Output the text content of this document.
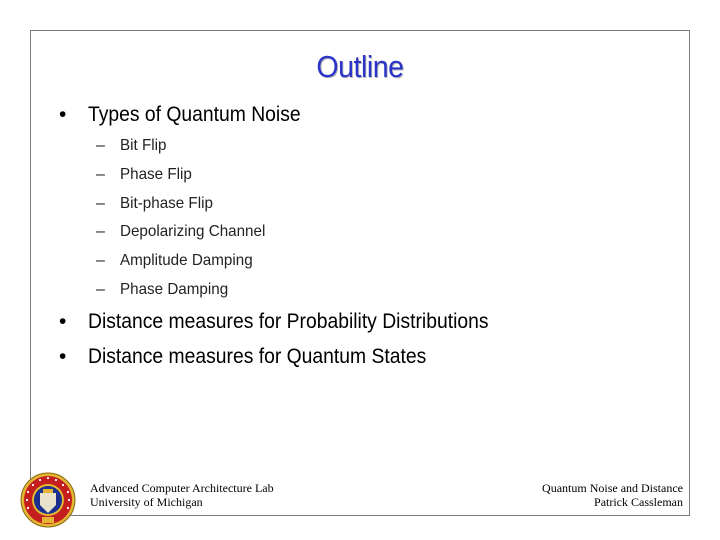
Outline
• Types of Quantum Noise
– Bit Flip
– Phase Flip
– Bit-phase Flip
– Depolarizing Channel
– Amplitude Damping
– Phase Damping
• Distance measures for Probability Distributions
• Distance measures for Quantum States
Advanced Computer Architecture Lab
University of Michigan
Quantum Noise and Distance
Patrick Cassleman
